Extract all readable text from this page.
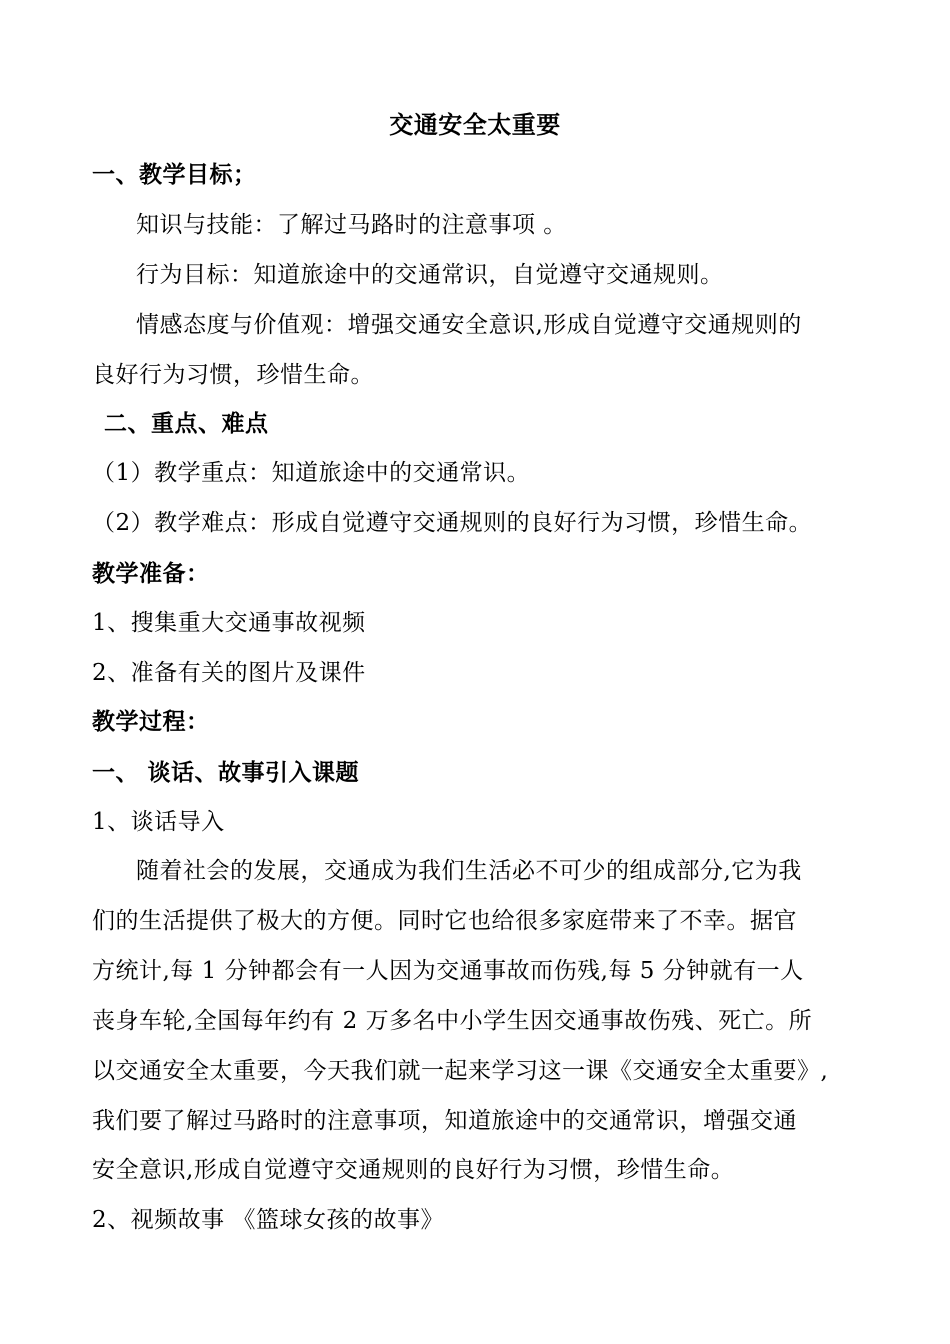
交通安全太重要
一、教学目标；
知识与技能：了解过马路时的注意事项 。
行为目标：知道旅途中的交通常识，自觉遵守交通规则。
情感态度与价值观：增强交通安全意识,形成自觉遵守交通规则的
良好行为习惯，珍惜生命。
二、重点、难点
（1）教学重点：知道旅途中的交通常识。
（2）教学难点：形成自觉遵守交通规则的良好行为习惯，珍惜生命。
教学准备：
1、搜集重大交通事故视频
2、准备有关的图片及课件
教学过程：
一、 谈话、故事引入课题
1、谈话导入
随着社会的发展，交通成为我们生活必不可少的组成部分,它为我
们的生活提供了极大的方便。同时它也给很多家庭带来了不幸。据官
方统计,每 1 分钟都会有一人因为交通事故而伤残,每 5 分钟就有一人
丧身车轮,全国每年约有 2 万多名中小学生因交通事故伤残、死亡。所
以交通安全太重要，今天我们就一起来学习这一课《交通安全太重要》,
我们要了解过马路时的注意事项，知道旅途中的交通常识，增强交通
安全意识,形成自觉遵守交通规则的良好行为习惯，珍惜生命。
2、视频故事 《篮球女孩的故事》
